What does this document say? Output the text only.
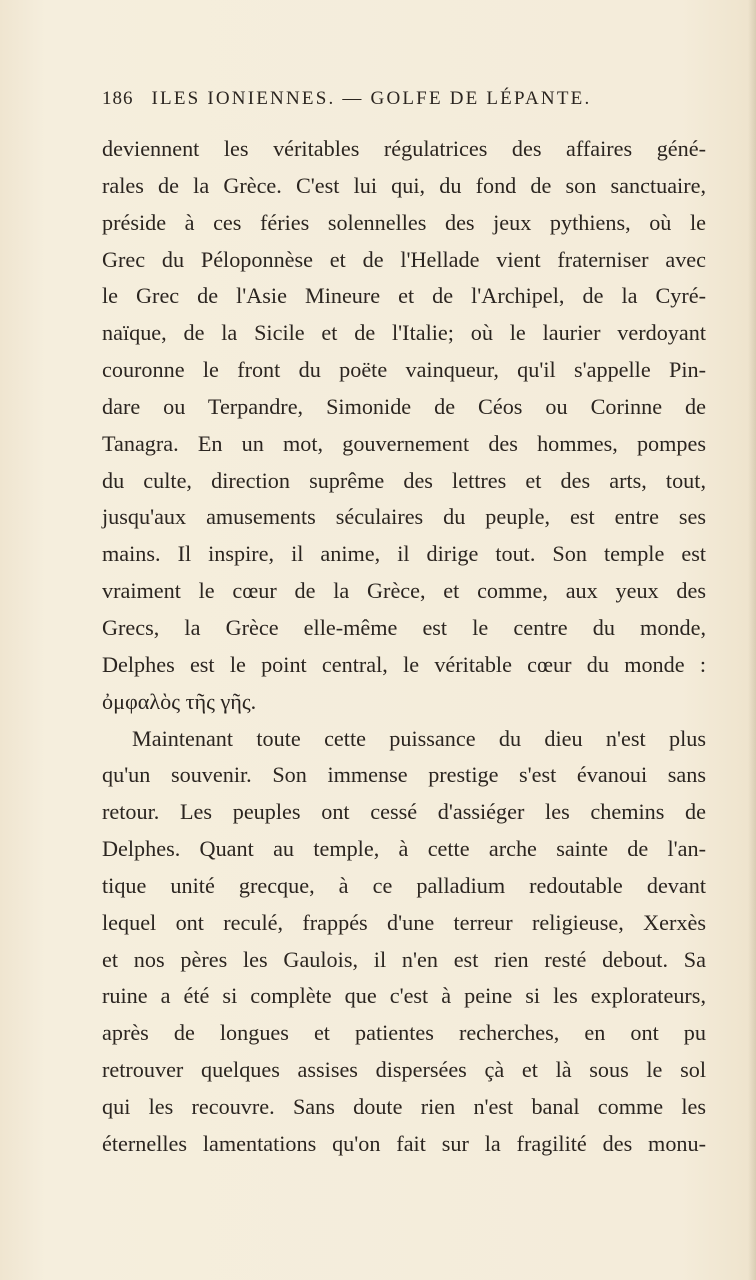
186 ILES IONIENNES. — GOLFE DE LÉPANTE.
deviennent les véritables régulatrices des affaires géné-
rales de la Grèce. C'est lui qui, du fond de son sanctuaire,
préside à ces féries solennelles des jeux pythiens, où le
Grec du Péloponnèse et de l'Hellade vient fraterniser avec
le Grec de l'Asie Mineure et de l'Archipel, de la Cyré-
naïque, de la Sicile et de l'Italie; où le laurier verdoyant
couronne le front du poëte vainqueur, qu'il s'appelle Pin-
dare ou Terpandre, Simonide de Céos ou Corinne de
Tanagra. En un mot, gouvernement des hommes, pompes
du culte, direction suprême des lettres et des arts, tout,
jusqu'aux amusements séculaires du peuple, est entre ses
mains. Il inspire, il anime, il dirige tout. Son temple est
vraiment le cœur de la Grèce, et comme, aux yeux des
Grecs, la Grèce elle-même est le centre du monde,
Delphes est le point central, le véritable cœur du monde :
ὀμφαλὸς τῆς γῆς.
Maintenant toute cette puissance du dieu n'est plus
qu'un souvenir. Son immense prestige s'est évanoui sans
retour. Les peuples ont cessé d'assiéger les chemins de
Delphes. Quant au temple, à cette arche sainte de l'an-
tique unité grecque, à ce palladium redoutable devant
lequel ont reculé, frappés d'une terreur religieuse, Xerxès
et nos pères les Gaulois, il n'en est rien resté debout. Sa
ruine a été si complète que c'est à peine si les explorateurs,
après de longues et patientes recherches, en ont pu
retrouver quelques assises dispersées çà et là sous le sol
qui les recouvre. Sans doute rien n'est banal comme les
éternelles lamentations qu'on fait sur la fragilité des monu-
